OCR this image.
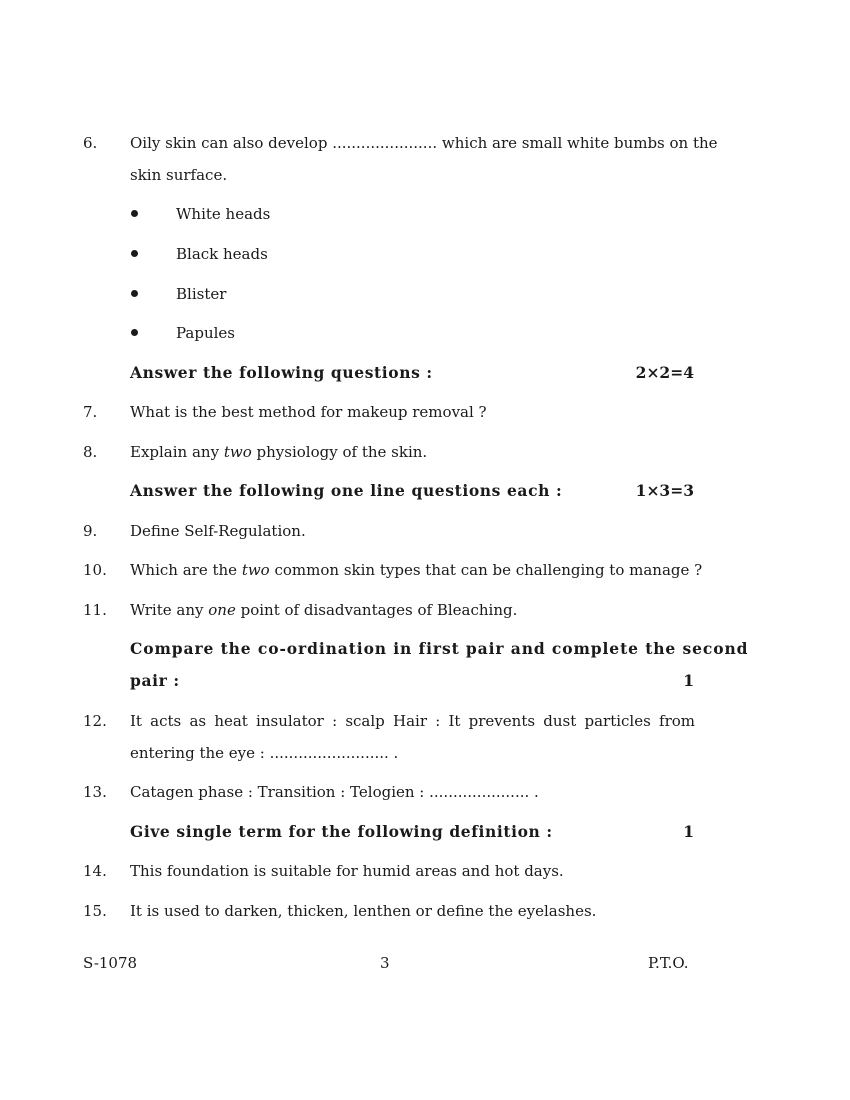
6. Oily skin can also develop ...................... which are small white bumbs on the
skin surface.
White heads
Black heads
Blister
Papules
Answer the following questions :	2×2=4
7. What is the best method for makeup removal ?
8. Explain any two physiology of the skin.
Answer the following one line questions each :	1×3=3
9. Define Self-Regulation.
10. Which are the two common skin types that can be challenging to manage ?
11. Write any one point of disadvantages of Bleaching.
Compare the co-ordination in first pair and complete the second
pair :	1
12. It acts as heat insulator : scalp Hair : It prevents dust particles from
entering the eye : ......................... .
13. Catagen phase : Transition : Telogien : ..................... .
Give single term for the following definition :	1
14. This foundation is suitable for humid areas and hot days.
15. It is used to darken, thicken, lenthen or define the eyelashes.
S-1078	3	P.T.O.
